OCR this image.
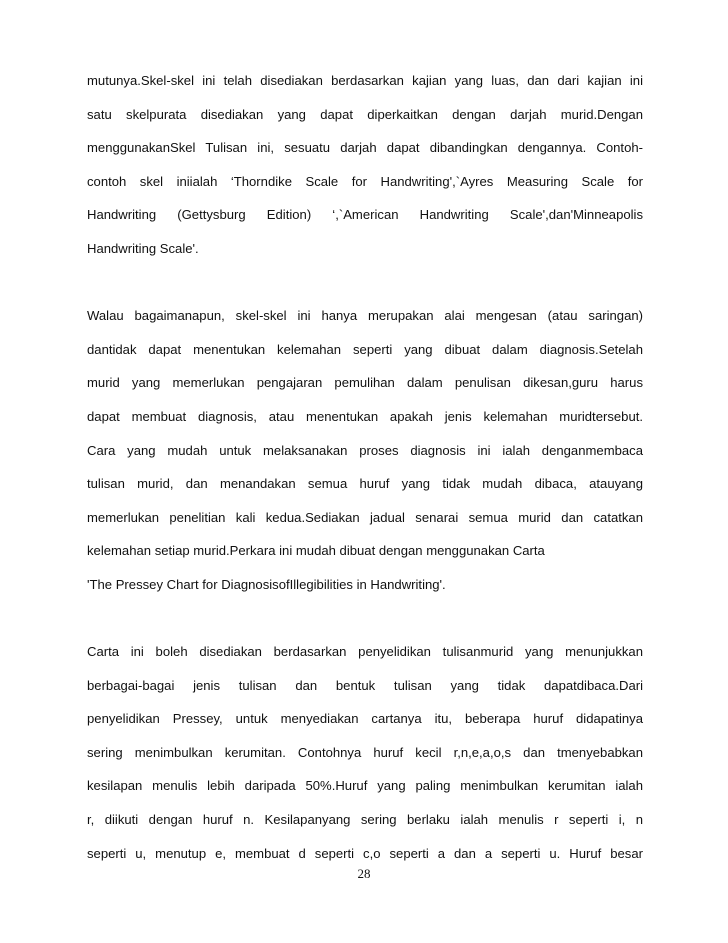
mutunya.Skel-skel ini telah disediakan berdasarkan kajian yang luas, dan dari kajian ini
satu skelpurata disediakan yang dapat diperkaitkan dengan darjah murid.Dengan
menggunakanSkel Tulisan ini, sesuatu darjah dapat dibandingkan dengannya. Contoh-
contoh skel iniialah ‘Thorndike Scale for Handwriting',`Ayres Measuring Scale for
Handwriting (Gettysburg Edition) ‘,`American Handwriting Scale',dan'Minneapolis
Handwriting Scale'.
Walau bagaimanapun, skel-skel ini hanya merupakan alai mengesan (atau saringan)
dantidak dapat menentukan kelemahan seperti yang dibuat dalam diagnosis.Setelah
murid yang memerlukan pengajaran pemulihan dalam penulisan dikesan,guru harus
dapat membuat diagnosis, atau menentukan apakah jenis kelemahan muridtersebut.
Cara yang mudah untuk melaksanakan proses diagnosis ini ialah denganmembaca
tulisan murid, dan menandakan semua huruf yang tidak mudah dibaca, atauyang
memerlukan penelitian kali kedua.Sediakan jadual senarai semua murid dan catatkan
kelemahan setiap murid.Perkara ini mudah dibuat dengan menggunakan Carta
'The Pressey Chart for DiagnosisofIllegibilities in Handwriting'.
Carta ini boleh disediakan berdasarkan penyelidikan tulisanmurid yang menunjukkan
berbagai-bagai jenis tulisan dan bentuk tulisan yang tidak dapatdibaca.Dari
penyelidikan Pressey, untuk menyediakan cartanya itu, beberapa huruf didapatinya
sering menimbulkan kerumitan. Contohnya huruf kecil r,n,e,a,o,s dan tmenyebabkan
kesilapan menulis lebih daripada 50%.Huruf yang paling menimbulkan kerumitan ialah
r, diikuti dengan huruf n. Kesilapanyang sering berlaku ialah menulis r seperti i, n
seperti u, menutup e, membuat d seperti c,o seperti a dan a seperti u. Huruf besar
28
